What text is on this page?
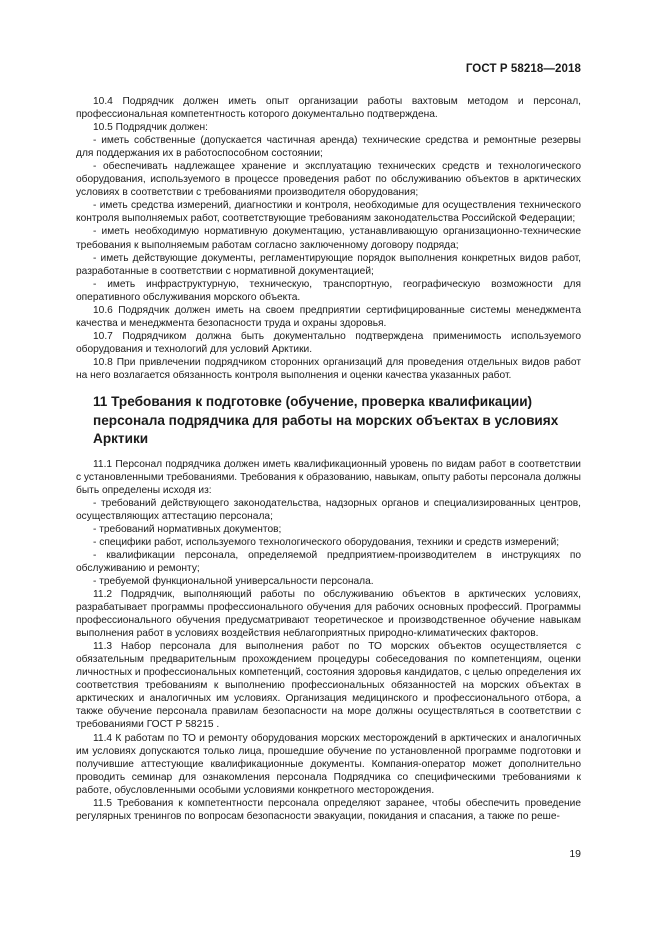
ГОСТ Р 58218—2018

10.4 Подрядчик должен иметь опыт организации работы вахтовым методом и персонал, профессиональная компетентность которого документально подтверждена.

10.5 Подрядчик должен:

- иметь собственные (допускается частичная аренда) технические средства и ремонтные резервы для поддержания их в работоспособном состоянии;

- обеспечивать надлежащее хранение и эксплуатацию технических средств и технологического оборудования, используемого в процессе проведения работ по обслуживанию объектов в арктических условиях в соответствии с требованиями производителя оборудования;

- иметь средства измерений, диагностики и контроля, необходимые для осуществления технического контроля выполняемых работ, соответствующие требованиям законодательства Российской Федерации;

- иметь необходимую нормативную документацию, устанавливающую организационно-технические требования к выполняемым работам согласно заключенному договору подряда;

- иметь действующие документы, регламентирующие порядок выполнения конкретных видов работ, разработанные в соответствии с нормативной документацией;

- иметь инфраструктурную, техническую, транспортную, географическую возможности для оперативного обслуживания морского объекта.

10.6 Подрядчик должен иметь на своем предприятии сертифицированные системы менеджмента качества и менеджмента безопасности труда и охраны здоровья.

10.7 Подрядчиком должна быть документально подтверждена применимость используемого оборудования и технологий для условий Арктики.

10.8 При привлечении подрядчиком сторонних организаций для проведения отдельных видов работ на него возлагается обязанность контроля выполнения и оценки качества указанных работ.

11 Требования к подготовке (обучение, проверка квалификации) персонала подрядчика для работы на морских объектах в условиях Арктики

11.1 Персонал подрядчика должен иметь квалификационный уровень по видам работ в соответствии с установленными требованиями. Требования к образованию, навыкам, опыту работы персонала должны быть определены исходя из:

- требований действующего законодательства, надзорных органов и специализированных центров, осуществляющих аттестацию персонала;

- требований нормативных документов;

- специфики работ, используемого технологического оборудования, техники и средств измерений;

- квалификации персонала, определяемой предприятием-производителем в инструкциях по обслуживанию и ремонту;

- требуемой функциональной универсальности персонала.

11.2 Подрядчик, выполняющий работы по обслуживанию объектов в арктических условиях, разрабатывает программы профессионального обучения для рабочих основных профессий. Программы профессионального обучения предусматривают теоретическое и производственное обучение навыкам выполнения работ в условиях воздействия неблагоприятных природно-климатических факторов.

11.3 Набор персонала для выполнения работ по ТО морских объектов осуществляется с обязательным предварительным прохождением процедуры собеседования по компетенциям, оценки личностных и профессиональных компетенций, состояния здоровья кандидатов, с целью определения их соответствия требованиям к выполнению профессиональных обязанностей на морских объектах в арктических и аналогичных им условиях. Организация медицинского и профессионального отбора, а также обучение персонала правилам безопасности на море должны осуществляться в соответствии с требованиями ГОСТ Р 58215 .

11.4 К работам по ТО и ремонту оборудования морских месторождений в арктических и аналогичных им условиях допускаются только лица, прошедшие обучение по установленной программе подготовки и получившие аттестующие квалификационные документы. Компания-оператор может дополнительно проводить семинар для ознакомления персонала Подрядчика со специфическими требованиями к работе, обусловленными особыми условиями конкретного месторождения.

11.5 Требования к компетентности персонала определяют заранее, чтобы обеспечить проведение регулярных тренингов по вопросам безопасности эвакуации, покидания и спасания, а также по реше-

19
